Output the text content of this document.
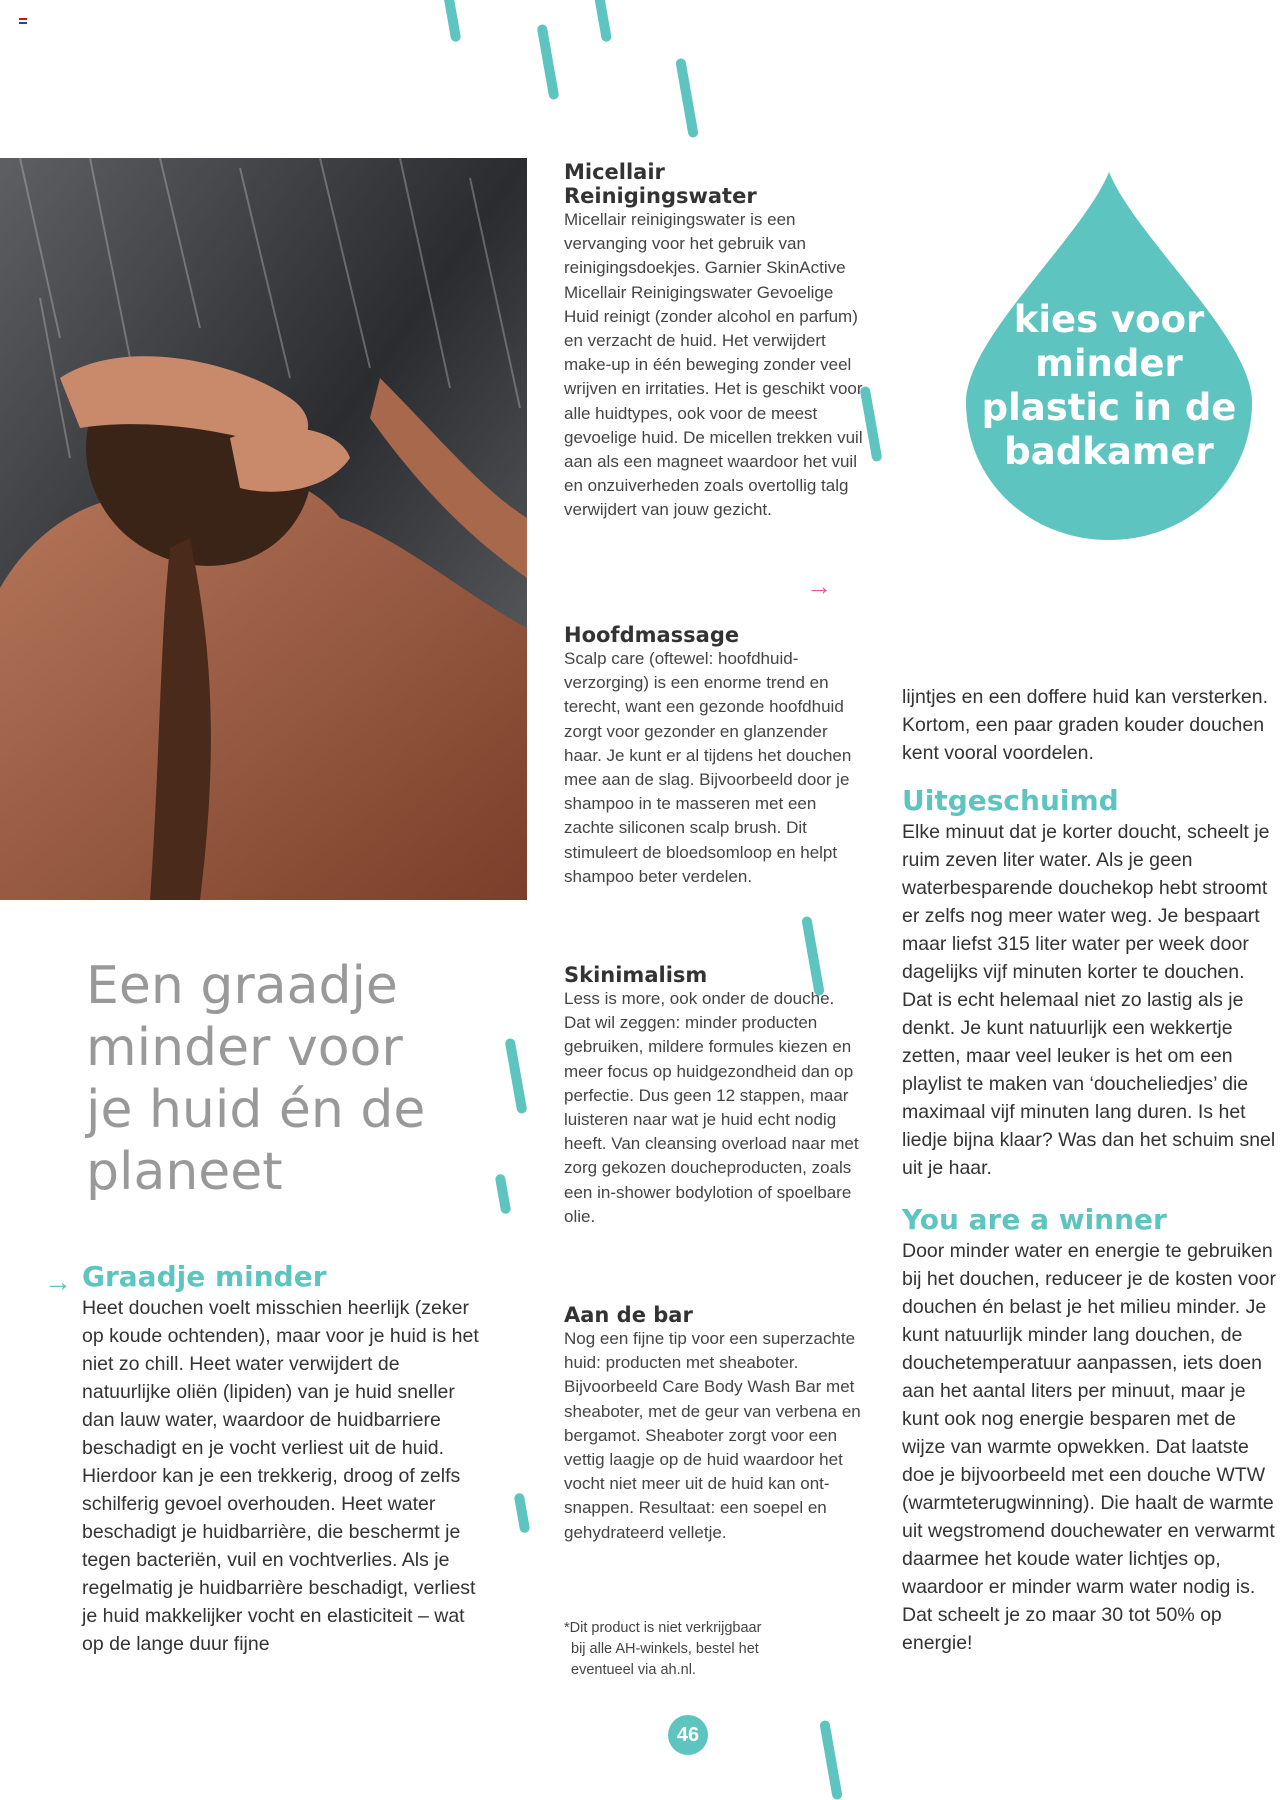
Een graadje
minder voor
je huid én de
planeet
→ Graadje minder
Heet douchen voelt misschien heerlijk (zeker op koude ochtenden), maar voor je huid is het niet zo chill. Heet water verwijdert de natuurlijke oliën (lipiden) van je huid sneller dan lauw water, waardoor de huidbarriere beschadigt en je vocht verliest uit de huid. Hierdoor kan je een trekkerig, droog of zelfs schilferig gevoel overhouden. Heet water beschadigt je huidbarrière, die beschermt je tegen bacteriën, vuil en vochtverlies. Als je regelmatig je huidbarrière beschadigt, verliest je huid makkelijker vocht en elasticiteit – wat op de lange duur fijne
Micellair Reinigingswater
Micellair reinigingswater is een vervanging voor het gebruik van reinigingsdoekjes. Garnier SkinActive Micellair Reinigingswater Gevoelige Huid reinigt (zonder alcohol en parfum) en verzacht de huid. Het verwijdert make-up in één beweging zonder veel wrijven en irritaties. Het is geschikt voor alle huidtypes, ook voor de meest gevoelige huid. De micellen trekken vuil aan als een magneet waardoor het vuil en onzuiverheden zoals overtollig talg verwijdert van jouw gezicht.
→
Hoofdmassage
Scalp care (oftewel: hoofdhuidverzorging) is een enorme trend en terecht, want een gezonde hoofdhuid zorgt voor gezonder en glanzender haar. Je kunt er al tijdens het douchen mee aan de slag. Bijvoorbeeld door je shampoo in te masseren met een zachte siliconen scalp brush. Dit stimuleert de bloedsomloop en helpt shampoo beter verdelen.
Skinimalism
Less is more, ook onder de douche. Dat wil zeggen: minder producten gebruiken, mildere formules kiezen en meer focus op huidgezondheid dan op perfectie. Dus geen 12 stappen, maar luisteren naar wat je huid echt nodig heeft. Van cleansing overload naar met zorg gekozen doucheproducten, zoals een in-shower bodylotion of spoelbare olie.
Aan de bar
Nog een fijne tip voor een superzachte huid: producten met sheaboter. Bijvoorbeeld Care Body Wash Bar met sheaboter, met de geur van verbena en bergamot. Sheaboter zorgt voor een vettig laagje op de huid waardoor het vocht niet meer uit de huid kan ontsnappen. Resultaat: een soepel en gehydrateerd velletje.
*Dit product is niet verkrijgbaar
bij alle AH-winkels, bestel het
eventueel via ah.nl.
kies voor
minder
plastic in de
badkamer
lijntjes en een doffere huid kan versterken. Kortom, een paar graden kouder douchen kent vooral voordelen.
Uitgeschuimd
Elke minuut dat je korter doucht, scheelt je ruim zeven liter water. Als je geen waterbesparende douchekop hebt stroomt er zelfs nog meer water weg. Je bespaart maar liefst 315 liter water per week door dagelijks vijf minuten korter te douchen. Dat is echt helemaal niet zo lastig als je denkt. Je kunt natuurlijk een wekkertje zetten, maar veel leuker is het om een playlist te maken van ‘doucheliedjes’ die maximaal vijf minuten lang duren. Is het liedje bijna klaar? Was dan het schuim snel uit je haar.
You are a winner
Door minder water en energie te gebruiken bij het douchen, reduceer je de kosten voor douchen én belast je het milieu minder. Je kunt natuurlijk minder lang douchen, de douchetemperatuur aanpassen, iets doen aan het aantal liters per minuut, maar je kunt ook nog energie besparen met de wijze van warmte opwekken. Dat laatste doe je bijvoorbeeld met een douche WTW (warmteterugwinning). Die haalt de warmte uit wegstromend douchewater en verwarmt daarmee het koude water lichtjes op, waardoor er minder warm water nodig is. Dat scheelt je zo maar 30 tot 50% op energie!
46
